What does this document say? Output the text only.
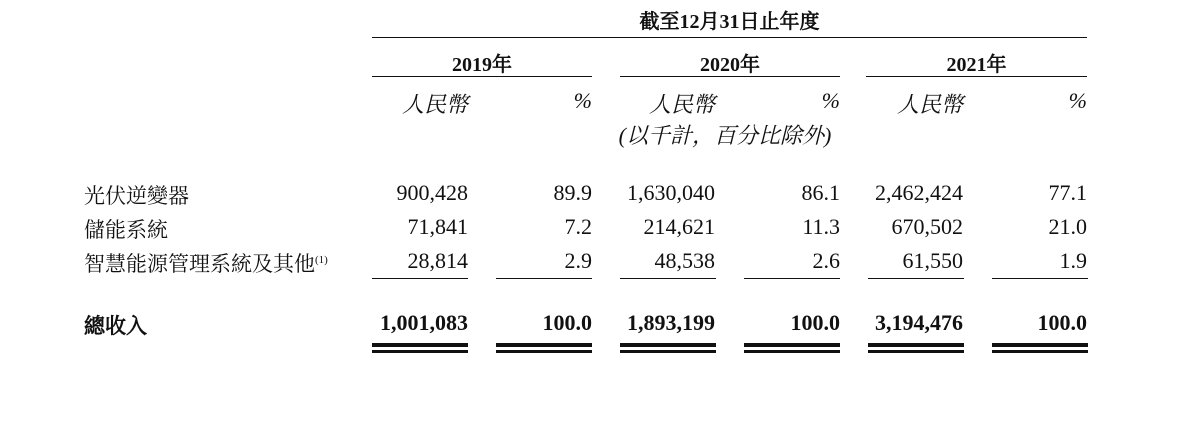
截至12月31日止年度
2019年	2020年	2021年
人民幣	%	人民幣	%	人民幣	%
(以千計，百分比除外)
光伏逆變器	900,428	89.9	1,630,040	86.1	2,462,424	77.1
儲能系統	71,841	7.2	214,621	11.3	670,502	21.0
智慧能源管理系統及其他$^{(1)}$	28,814	2.9	48,538	2.6	61,550	1.9
總收入	1,001,083	100.0	1,893,199	100.0	3,194,476	100.0
